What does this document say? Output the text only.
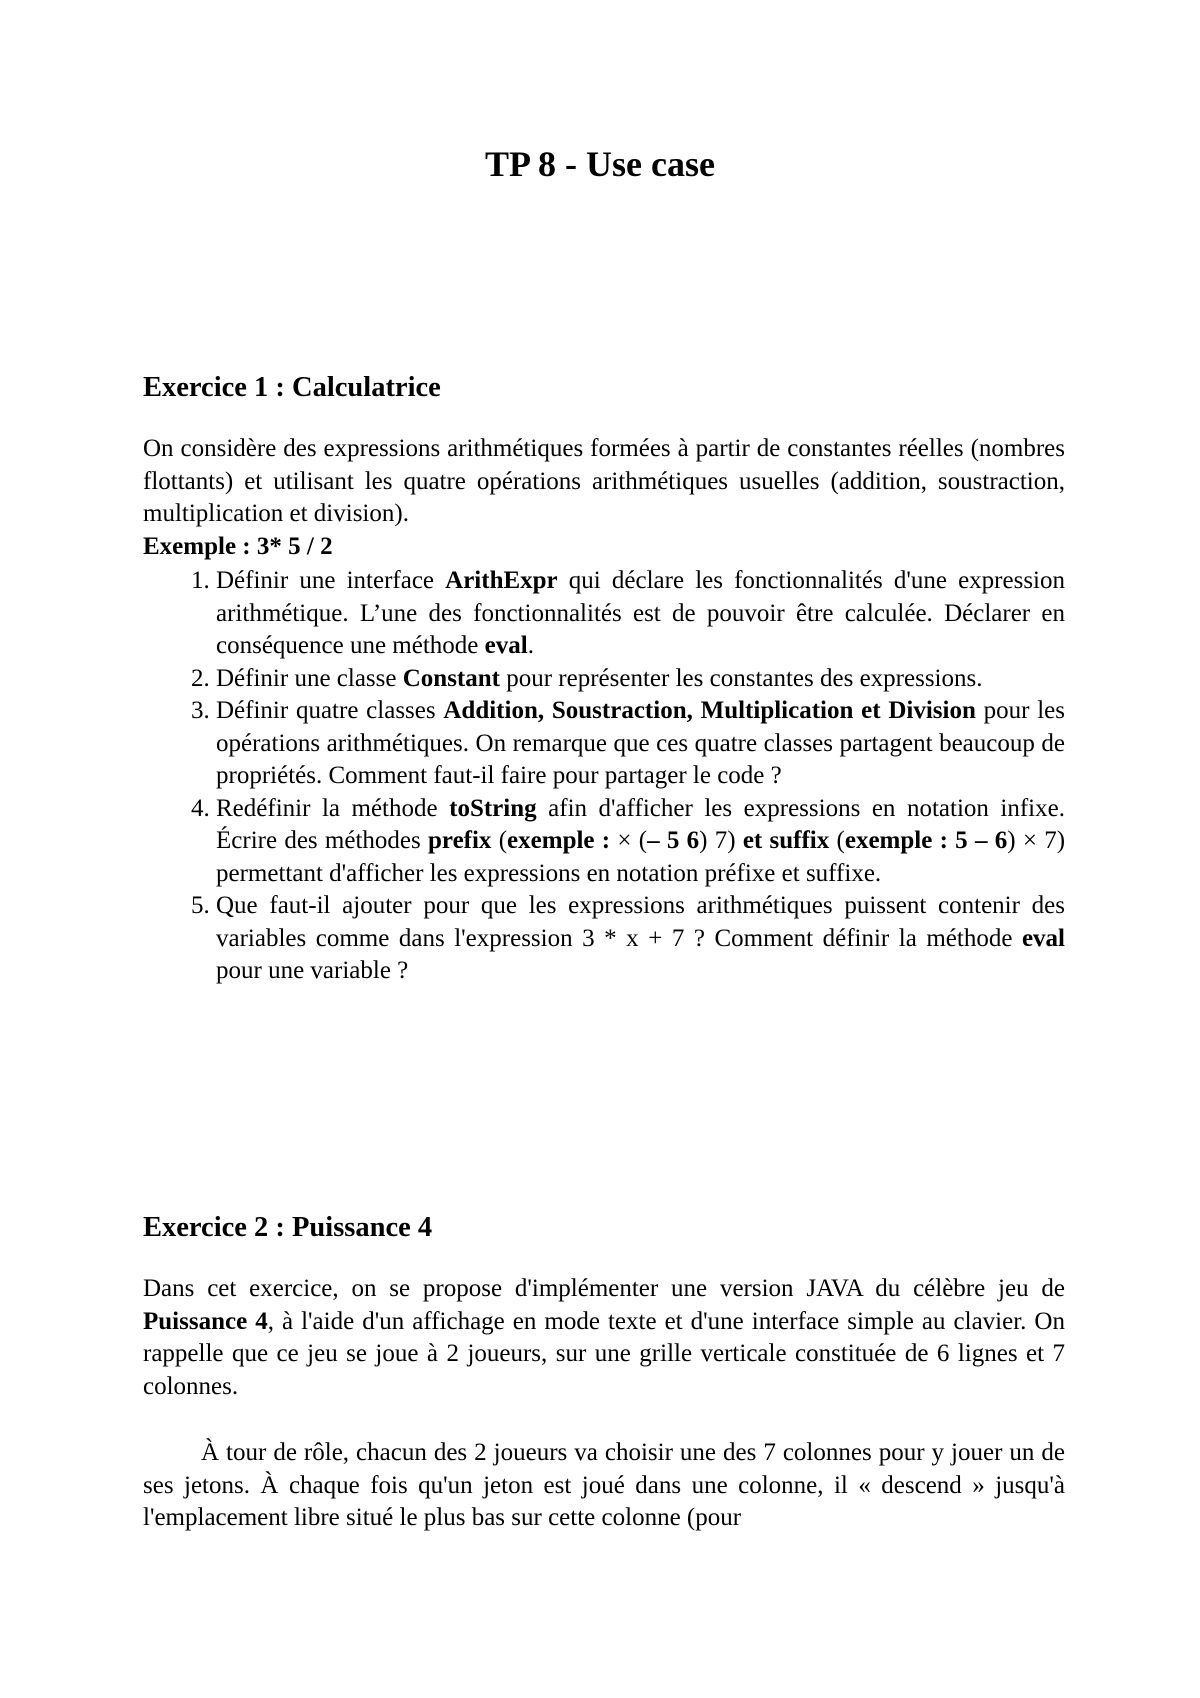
TP 8 - Use case
Exercice 1 : Calculatrice

On considère des expressions arithmétiques formées à partir de constantes réelles (nombres flottants) et utilisant les quatre opérations arithmétiques usuelles (addition, soustraction, multiplication et division).

Exemple : 3* 5 / 2

1. Définir une interface ArithExpr qui déclare les fonctionnalités d'une expression arithmétique. L’une des fonctionnalités est de pouvoir être calculée. Déclarer en conséquence une méthode eval.
2. Définir une classe Constant pour représenter les constantes des expressions.
3. Définir quatre classes Addition, Soustraction, Multiplication et Division pour les opérations arithmétiques. On remarque que ces quatre classes partagent beaucoup de propriétés. Comment faut-il faire pour partager le code ?
4. Redéfinir la méthode toString afin d'afficher les expressions en notation infixe. Écrire des méthodes prefix (exemple : × (– 5 6) 7) et suffix (exemple : 5 – 6) × 7) permettant d'afficher les expressions en notation préfixe et suffixe.
5. Que faut-il ajouter pour que les expressions arithmétiques puissent contenir des variables comme dans l'expression 3 * x + 7 ? Comment définir la méthode eval pour une variable ?
Exercice 2 : Puissance 4

Dans cet exercice, on se propose d'implémenter une version JAVA du célèbre jeu de Puissance 4, à l'aide d'un affichage en mode texte et d'une interface simple au clavier. On rappelle que ce jeu se joue à 2 joueurs, sur une grille verticale constituée de 6 lignes et 7 colonnes.

À tour de rôle, chacun des 2 joueurs va choisir une des 7 colonnes pour y jouer un de ses jetons. À chaque fois qu'un jeton est joué dans une colonne, il « descend » jusqu'à l'emplacement libre situé le plus bas sur cette colonne (pour
